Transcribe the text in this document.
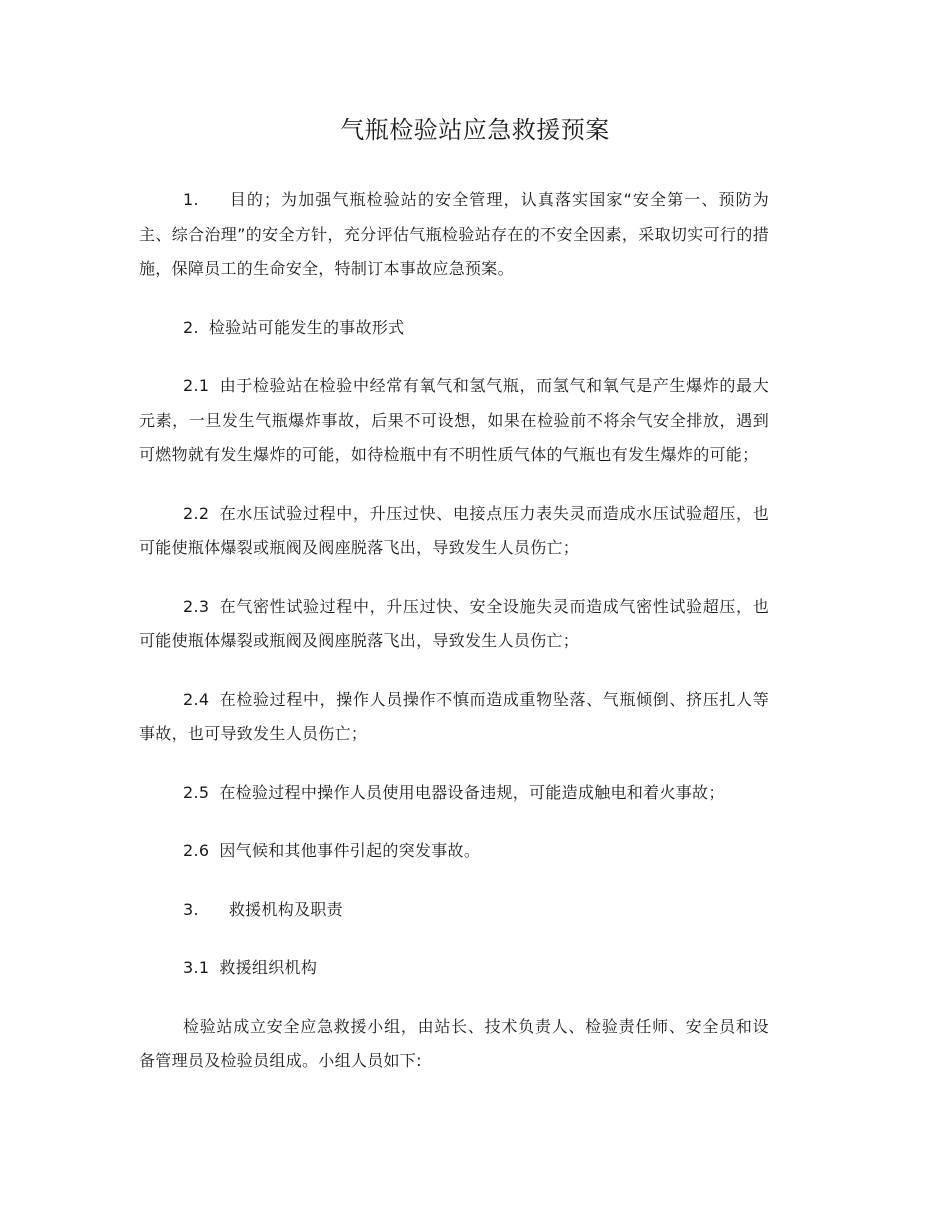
气瓶检验站应急救援预案

1. 目的；为加强气瓶检验站的安全管理，认真落实国家“安全第一、预防为主、综合治理”的安全方针，充分评估气瓶检验站存在的不安全因素，采取切实可行的措施，保障员工的生命安全，特制订本事故应急预案。

2. 检验站可能发生的事故形式

2.1 由于检验站在检验中经常有氧气和氢气瓶，而氢气和氧气是产生爆炸的最大元素，一旦发生气瓶爆炸事故，后果不可设想，如果在检验前不将余气安全排放，遇到可燃物就有发生爆炸的可能，如待检瓶中有不明性质气体的气瓶也有发生爆炸的可能；

2.2 在水压试验过程中，升压过快、电接点压力表失灵而造成水压试验超压，也可能使瓶体爆裂或瓶阀及阀座脱落飞出，导致发生人员伤亡；

2.3 在气密性试验过程中，升压过快、安全设施失灵而造成气密性试验超压，也可能使瓶体爆裂或瓶阀及阀座脱落飞出，导致发生人员伤亡；

2.4 在检验过程中，操作人员操作不慎而造成重物坠落、气瓶倾倒、挤压扎人等事故，也可导致发生人员伤亡；

2.5 在检验过程中操作人员使用电器设备违规，可能造成触电和着火事故；

2.6 因气候和其他事件引起的突发事故。

3. 救援机构及职责

3.1 救援组织机构

检验站成立安全应急救援小组，由站长、技术负责人、检验责任师、安全员和设备管理员及检验员组成。小组人员如下:
